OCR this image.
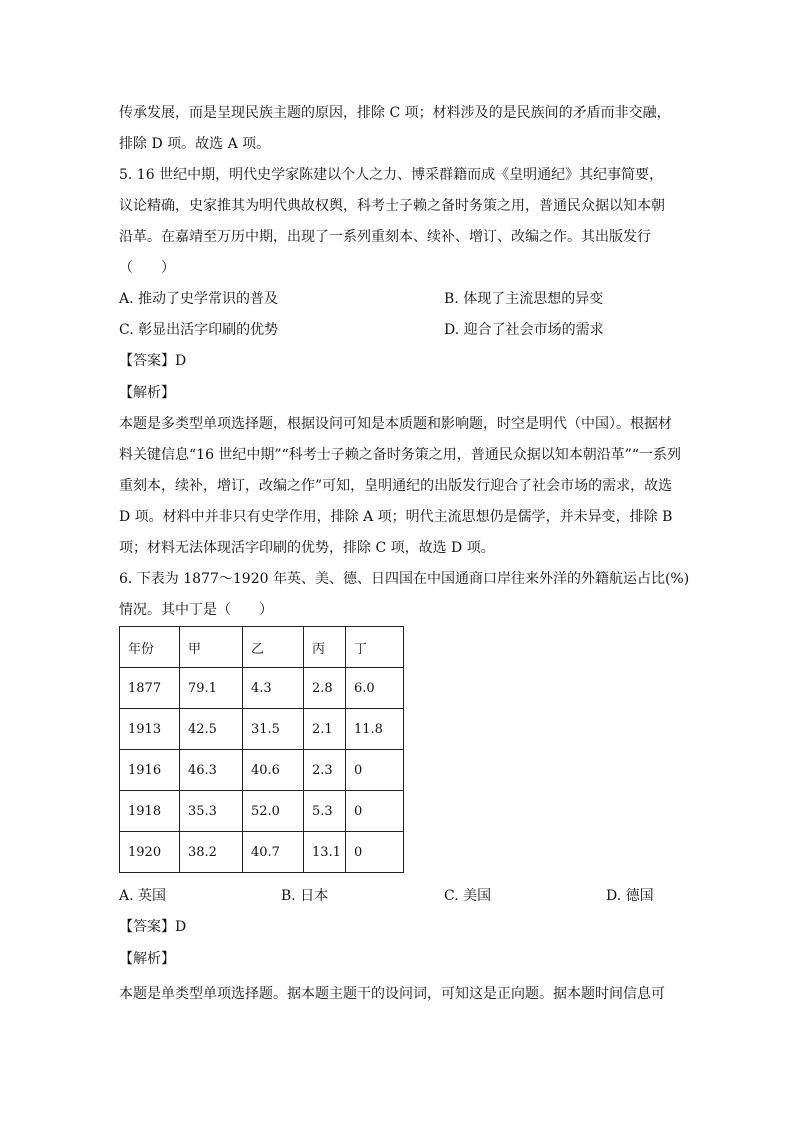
传承发展，而是呈现民族主题的原因，排除 C 项；材料涉及的是民族间的矛盾而非交融，
排除 D 项。故选 A 项。
5. 16 世纪中期，明代史学家陈建以个人之力、博采群籍而成《皇明通纪》其纪事简要，
议论精确，史家推其为明代典故权舆，科考士子赖之备时务策之用，普通民众据以知本朝
沿革。在嘉靖至万历中期，出现了一系列重刻本、续补、增订、改编之作。其出版发行
（　　）
A. 推动了史学常识的普及	B. 体现了主流思想的异变
C. 彰显出活字印刷的优势	D. 迎合了社会市场的需求
【答案】D
【解析】
本题是多类型单项选择题，根据设问可知是本质题和影响题，时空是明代（中国）。根据材
料关键信息“16 世纪中期”“科考士子赖之备时务策之用，普通民众据以知本朝沿革”“一系列
重刻本，续补，增订，改编之作”可知，皇明通纪的出版发行迎合了社会市场的需求，故选
D 项。材料中并非只有史学作用，排除 A 项；明代主流思想仍是儒学，并未异变，排除 B
项；材料无法体现活字印刷的优势，排除 C 项，故选 D 项。
6. 下表为 1877～1920 年英、美、德、日四国在中国通商口岸往来外洋的外籍航运占比(%)
情况。其中丁是（　　）
年份	甲	乙	丙	丁
1877	79.1	4.3	2.8	6.0
1913	42.5	31.5	2.1	11.8
1916	46.3	40.6	2.3	0
1918	35.3	52.0	5.3	0
1920	38.2	40.7	13.1	0
A. 英国	B. 日本	C. 美国	D. 德国
【答案】D
【解析】
本题是单类型单项选择题。据本题主题干的设问词，可知这是正向题。据本题时间信息可
